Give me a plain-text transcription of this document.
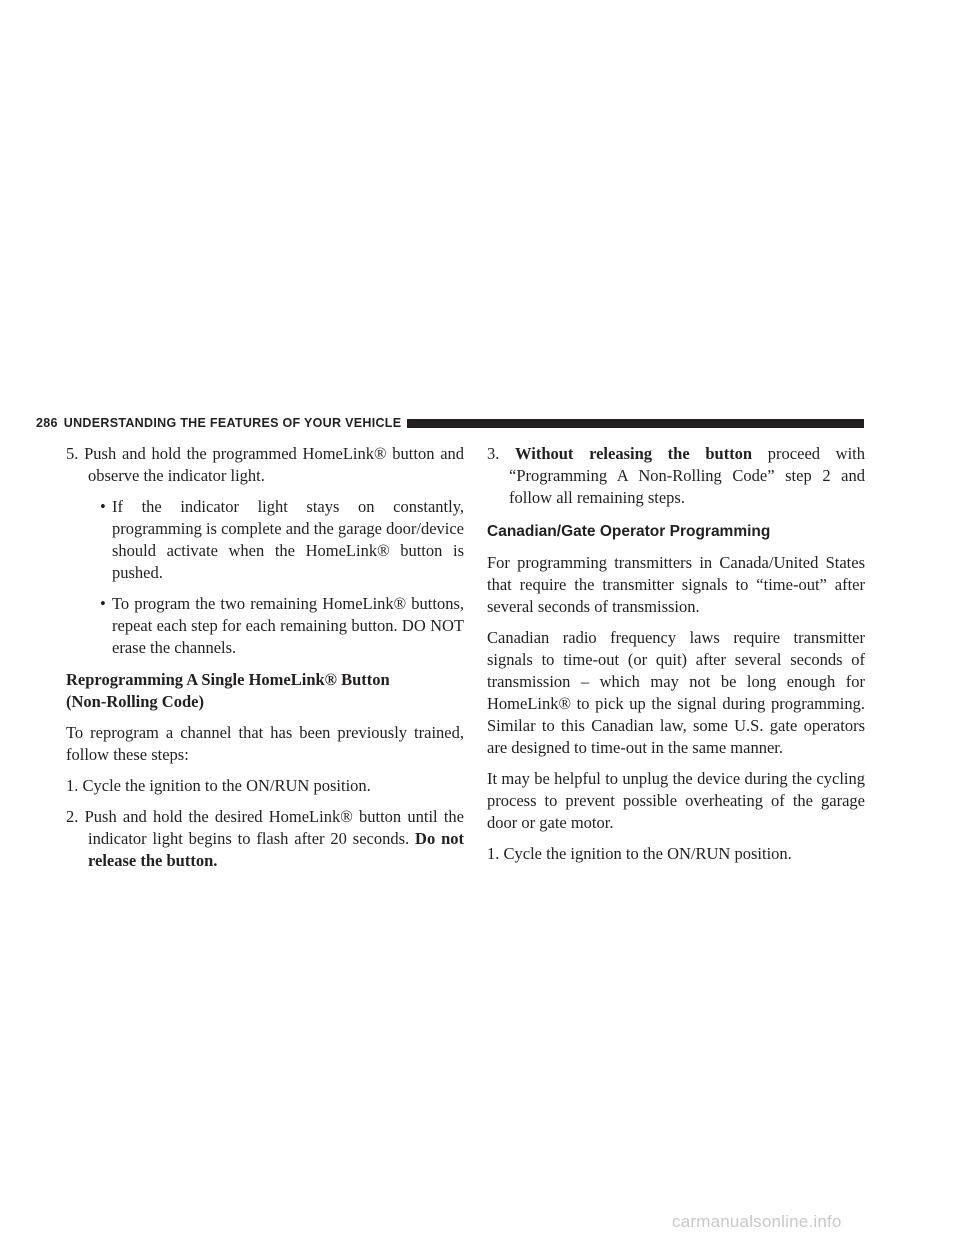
286 UNDERSTANDING THE FEATURES OF YOUR VEHICLE

5. Push and hold the programmed HomeLink® button and observe the indicator light.

• If the indicator light stays on constantly, programming is complete and the garage door/device should activate when the HomeLink® button is pushed.

• To program the two remaining HomeLink® buttons, repeat each step for each remaining button. DO NOT erase the channels.

Reprogramming A Single HomeLink® Button
(Non-Rolling Code)

To reprogram a channel that has been previously trained, follow these steps:

1. Cycle the ignition to the ON/RUN position.

2. Push and hold the desired HomeLink® button until the indicator light begins to flash after 20 seconds. Do not release the button.

3. Without releasing the button proceed with “Programming A Non-Rolling Code” step 2 and follow all remaining steps.

Canadian/Gate Operator Programming

For programming transmitters in Canada/United States that require the transmitter signals to “time-out” after several seconds of transmission.

Canadian radio frequency laws require transmitter signals to time-out (or quit) after several seconds of transmission – which may not be long enough for HomeLink® to pick up the signal during programming. Similar to this Canadian law, some U.S. gate operators are designed to time-out in the same manner.

It may be helpful to unplug the device during the cycling process to prevent possible overheating of the garage door or gate motor.

1. Cycle the ignition to the ON/RUN position.

carmanualsonline.info
